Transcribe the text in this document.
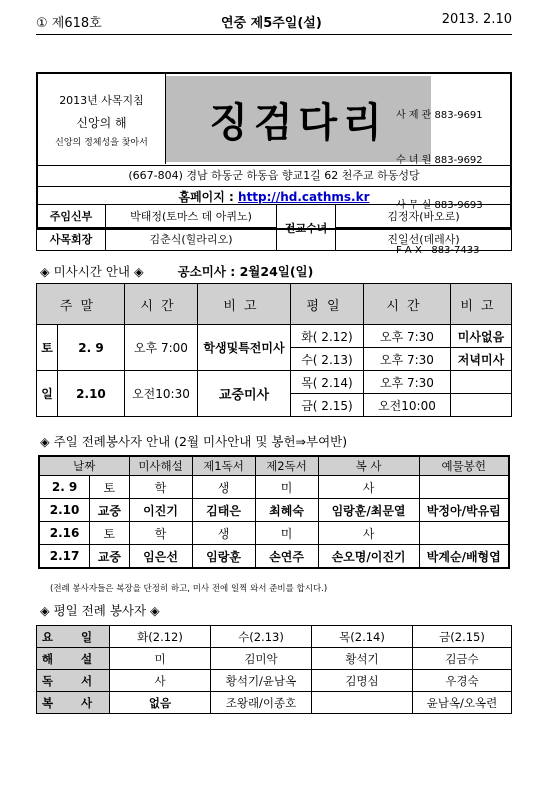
① 제618호	연중 제5주일(설)	2013. 2.10
2013년 사목지침
신앙의 해
신앙의 정체성을 찾아서	징검다리

사 제 관 883-9691

수 녀 원 883-9692

사 무 실 883-9693

F A X   883-7433

(667-804) 경남 하동군 하동읍 향교1길 62 천주교 하동성당
홈페이지 : http://hd.cathms.kr
주임신부	박태정(토마스 데 아퀴노)	전교수녀	김정자(바오로)
사목회장	김춘식(힐라리오)		진일선(데레사)
◈ 미사시간 안내 ◈	공소미사 : 2월24일(일)
주말		시간	비고	평일	시간	비고
토	2. 9	오후 7:00	학생및특전미사	화( 2.12)	오후 7:30	미사없음
				수( 2.13)	오후 7:30	저녁미사
일	2.10	오전10:30	교중미사	목( 2.14)	오후 7:30	
				금( 2.15)	오전10:00	
◈ 주일 전례봉사자 안내 (2월 미사안내 및 봉헌⇒부여반)
날짜		미사해설	제1독서	제2독서	복 사	예물봉헌
2. 9	토	학	생	미	사	
2.10	교중	이진기	김태은	최혜숙	임랑훈/최문열	박정아/박유림
2.16	토	학	생	미	사	
2.17	교중	임은선	임랑훈	손연주	손오명/이진기	박계순/배형엽
(전례 봉사자들은 복장을 단정히 하고, 미사 전에 일찍 와서 준비를 합시다.)
◈ 평일 전례 봉사자 ◈
요 일	화(2.12)	수(2.13)	목(2.14)	금(2.15)
해 설	미	김미악	황석기	김금수
독 서	사	황석기/윤남옥	김명심	우경숙
복 사	없음	조왕래/이종호		윤남옥/오옥련
